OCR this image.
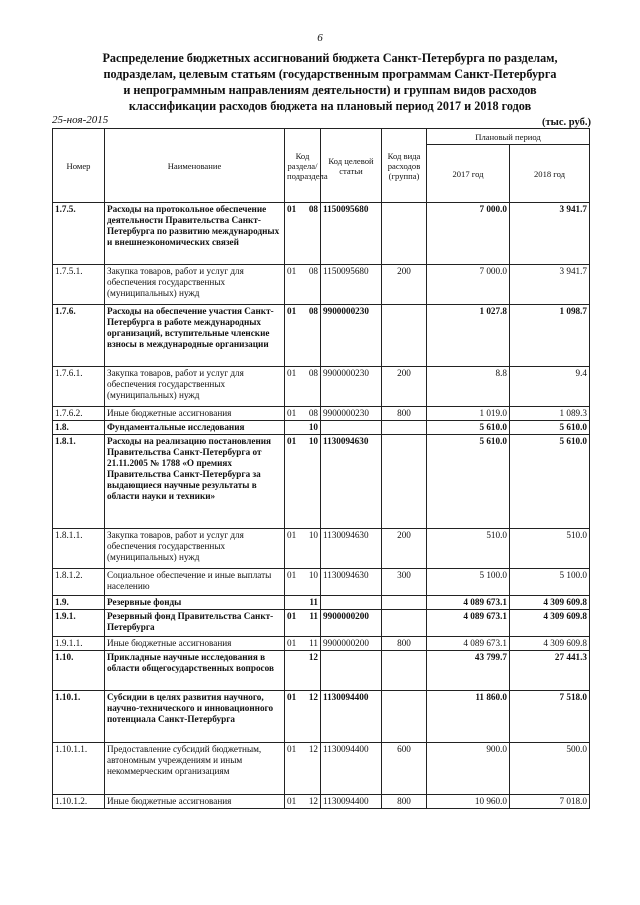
6
Распределение бюджетных ассигнований бюджета Санкт-Петербурга по разделам,
подразделам, целевым статьям (государственным программам Санкт-Петербурга
и непрограммным направлениям деятельности) и группам видов расходов
классификации расходов бюджета на плановый период 2017 и 2018 годов
25-ноя-2015	(тыс. руб.)
Номер	Наименование	Код раздела/ подраздела	Код целевой статьи	Код вида расходов (группа)	Плановый период	
					2017 год	2018 год
1.7.5.	Расходы на протокольное обеспечение деятельности Правительства Санкт-Петербурга по развитию международных и внешнеэкономических связей	01 08	1150095680		7 000.0	3 941.7
1.7.5.1.	Закупка товаров, работ и услуг для обеспечения государственных (муниципальных) нужд	01 08	1150095680	200	7 000.0	3 941.7
1.7.6.	Расходы на обеспечение участия Санкт-Петербурга в работе международных организаций, вступительные членские взносы в международные организации	01 08	9900000230		1 027.8	1 098.7
1.7.6.1.	Закупка товаров, работ и услуг для обеспечения государственных (муниципальных) нужд	01 08	9900000230	200	8.8	9.4
1.7.6.2.	Иные бюджетные ассигнования	01 08	9900000230	800	1 019.0	1 089.3
1.8.	Фундаментальные исследования	10			5 610.0	5 610.0
1.8.1.	Расходы на реализацию постановления Правительства Санкт-Петербурга от 21.11.2005 № 1788 «О премиях Правительства Санкт-Петербурга за выдающиеся научные результаты в области науки и техники»	01 10	1130094630		5 610.0	5 610.0
1.8.1.1.	Закупка товаров, работ и услуг для обеспечения государственных (муниципальных) нужд	01 10	1130094630	200	510.0	510.0
1.8.1.2.	Социальное обеспечение и иные выплаты населению	01 10	1130094630	300	5 100.0	5 100.0
1.9.	Резервные фонды	11			4 089 673.1	4 309 609.8
1.9.1.	Резервный фонд Правительства Санкт-Петербурга	01 11	9900000200		4 089 673.1	4 309 609.8
1.9.1.1.	Иные бюджетные ассигнования	01 11	9900000200	800	4 089 673.1	4 309 609.8
1.10.	Прикладные научные исследования в области общегосударственных вопросов	12			43 799.7	27 441.3
1.10.1.	Субсидии в целях развития научного, научно-технического и инновационного потенциала Санкт-Петербурга	01 12	1130094400		11 860.0	7 518.0
1.10.1.1.	Предоставление субсидий бюджетным, автономным учреждениям и иным некоммерческим организациям	01 12	1130094400	600	900.0	500.0
1.10.1.2.	Иные бюджетные ассигнования	01 12	1130094400	800	10 960.0	7 018.0
